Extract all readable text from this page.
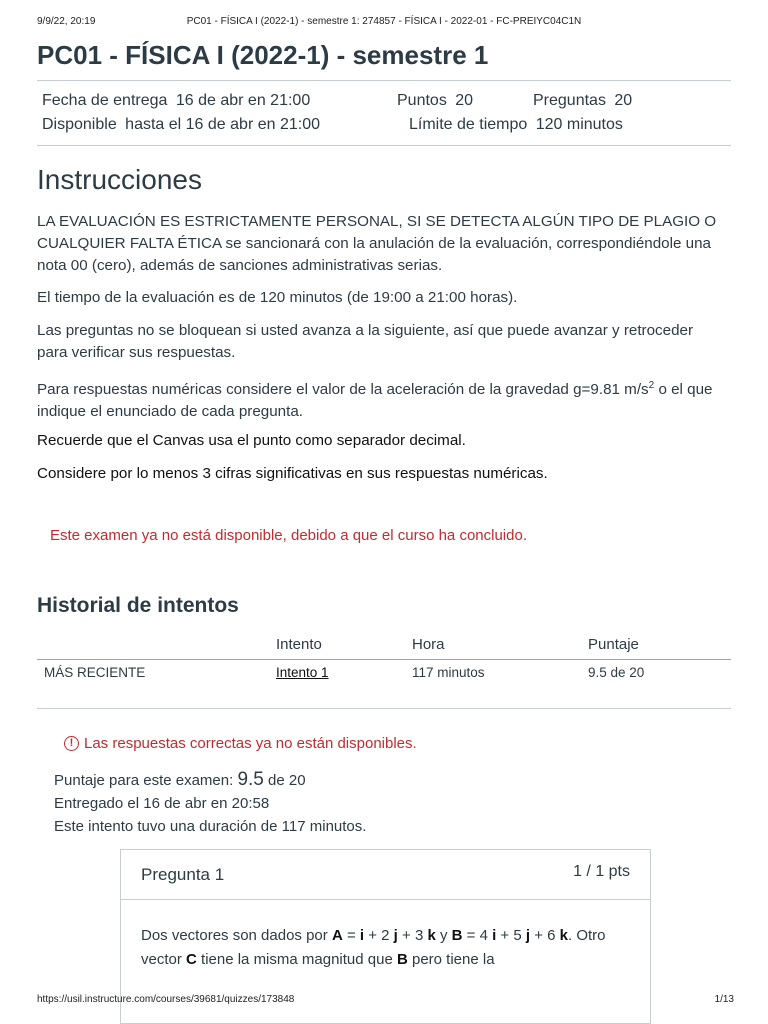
9/9/22, 20:19	PC01 - FÍSICA I (2022-1) - semestre 1: 274857 - FÍSICA I - 2022-01 - FC-PREIYC04C1N
PC01 - FÍSICA I (2022-1) - semestre 1
Fecha de entrega 16 de abr en 21:00	Puntos 20	Preguntas 20
Disponible hasta el 16 de abr en 21:00	Límite de tiempo 120 minutos
Instrucciones

LA EVALUACIÓN ES ESTRICTAMENTE PERSONAL, SI SE DETECTA ALGÚN TIPO DE PLAGIO O CUALQUIER FALTA ÉTICA se sancionará con la anulación de la evaluación, correspondiéndole una nota 00 (cero), además de sanciones administrativas serias.

El tiempo de la evaluación es de 120 minutos (de 19:00 a 21:00 horas).

Las preguntas no se bloquean si usted avanza a la siguiente, así que puede avanzar y retroceder para verificar sus respuestas.

Para respuestas numéricas considere el valor de la aceleración de la gravedad g=9.81 $m/s^2$ o el que indique el enunciado de cada pregunta.

Recuerde que el Canvas usa el punto como separador decimal.

Considere por lo menos 3 cifras significativas en sus respuestas numéricas.

Este examen ya no está disponible, debido a que el curso ha concluido.
Historial de intentos
Intento	Hora	Puntaje
MÁS RECIENTE	Intento 1	117 minutos	9.5 de 20
! Las respuestas correctas ya no están disponibles.
Puntaje para este examen: 9.5 de 20
Entregado el 16 de abr en 20:58
Este intento tuvo una duración de 117 minutos.
Pregunta 1	1 / 1 pts

Dos vectores son dados por A = i + 2 j + 3 k y B = 4 i + 5 j + 6 k. Otro vector C tiene la misma magnitud que B pero tiene la

https://usil.instructure.com/courses/39681/quizzes/173848	1/13
